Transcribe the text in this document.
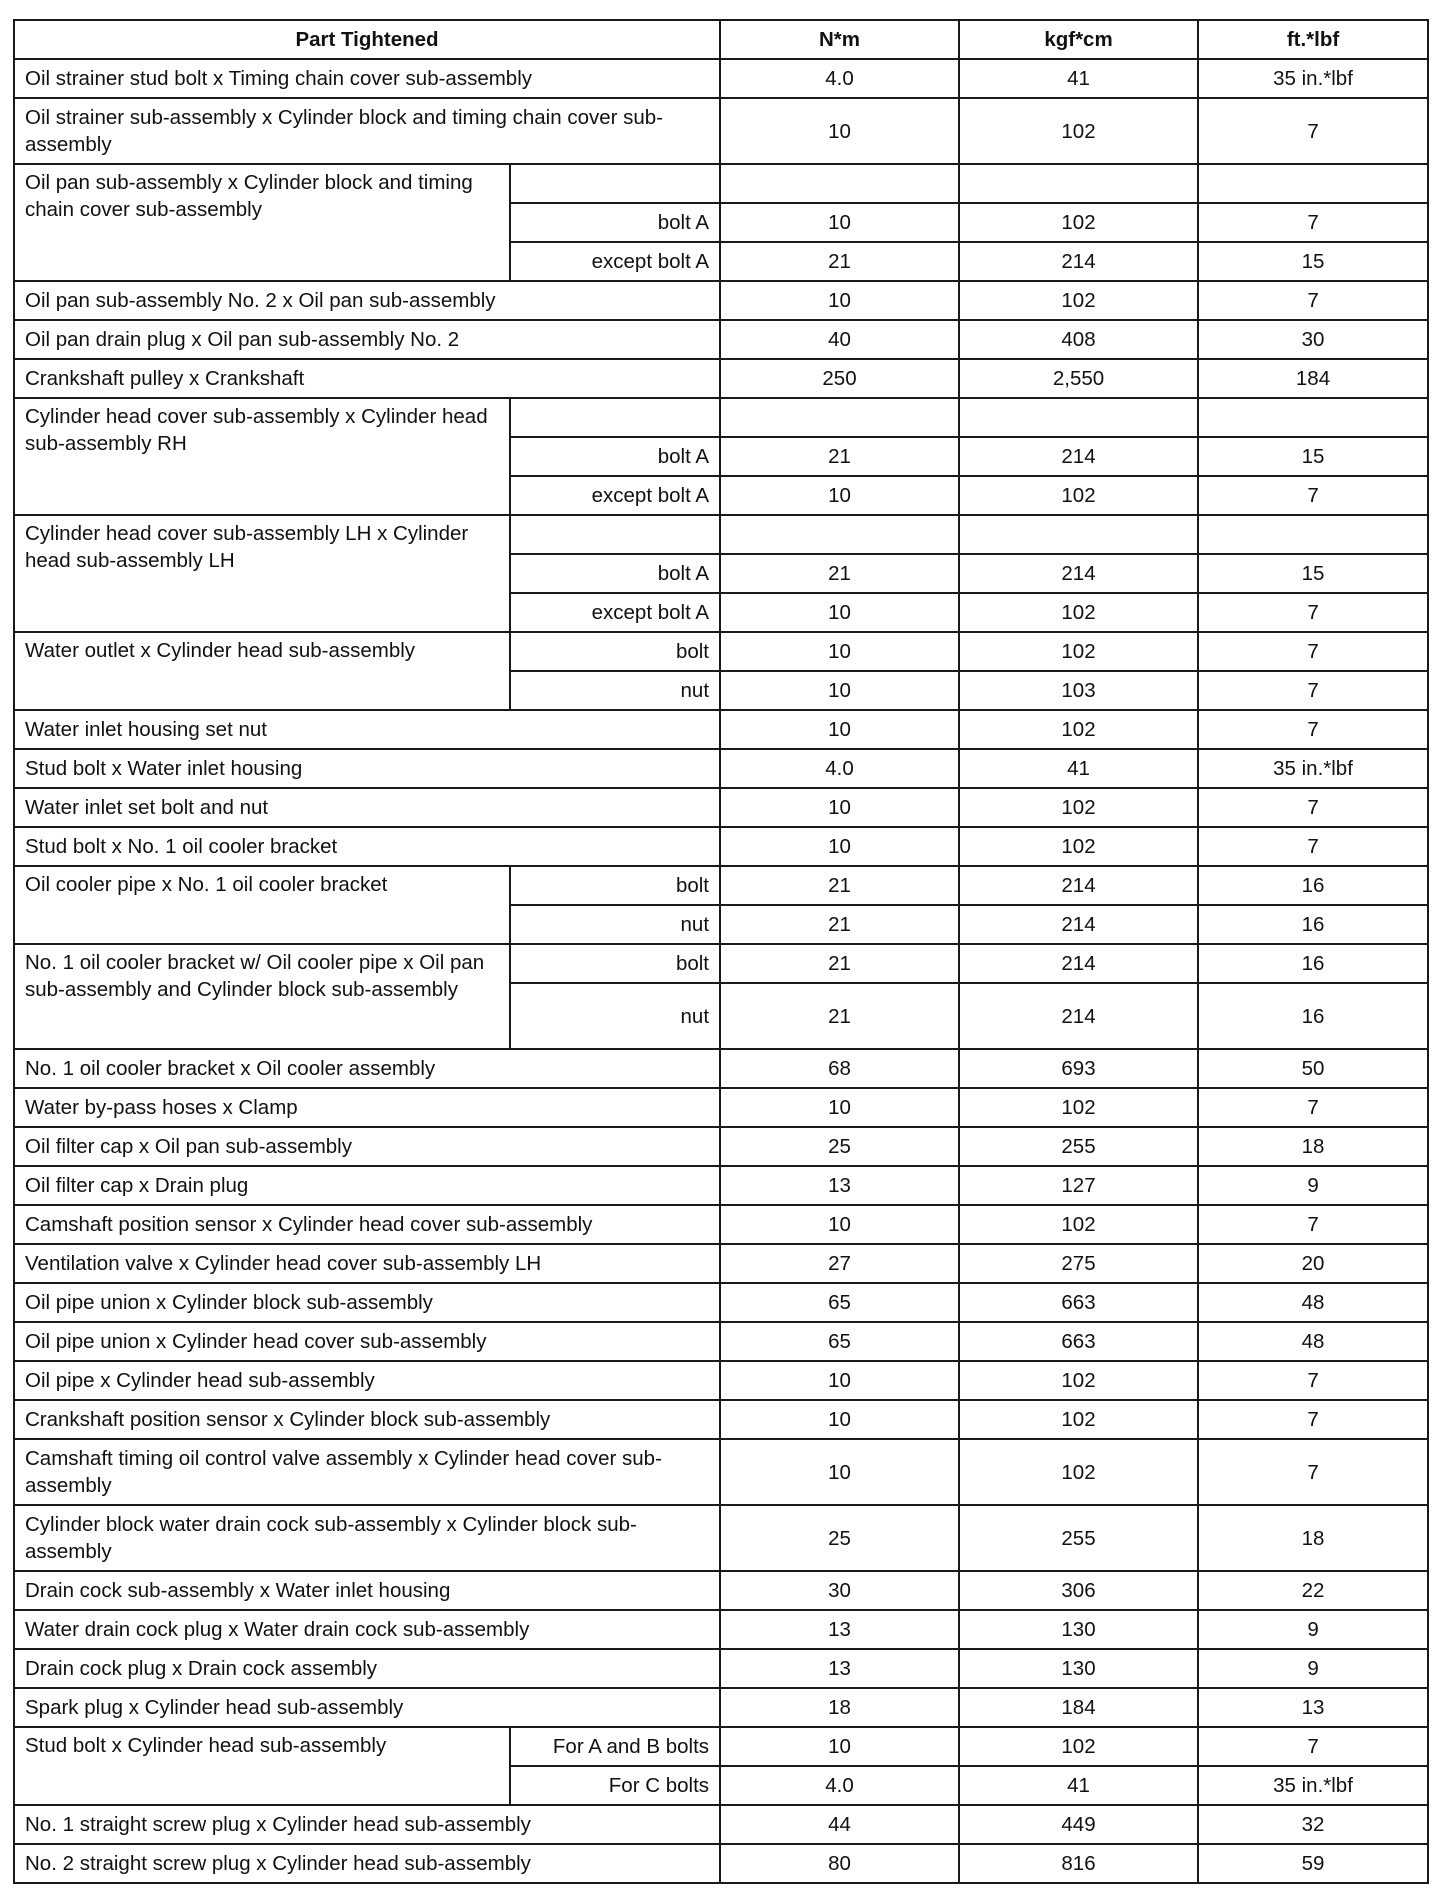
Part Tightened		N*m	kgf*cm	ft.*lbf
Oil strainer stud bolt x Timing chain cover sub-assembly		4.0	41	35 in.*lbf
Oil strainer sub-assembly x Cylinder block and timing chain cover sub-assembly		10	102	7
Oil pan sub-assembly x Cylinder block and timing chain cover sub-assembly				
	bolt A	10	102	7
	except bolt A	21	214	15
Oil pan sub-assembly No. 2 x Oil pan sub-assembly		10	102	7
Oil pan drain plug x Oil pan sub-assembly No. 2		40	408	30
Crankshaft pulley x Crankshaft		250	2,550	184
Cylinder head cover sub-assembly x Cylinder head sub-assembly RH				
	bolt A	21	214	15
	except bolt A	10	102	7
Cylinder head cover sub-assembly LH x Cylinder head sub-assembly LH				
	bolt A	21	214	15
	except bolt A	10	102	7
Water outlet x Cylinder head sub-assembly	bolt	10	102	7
	nut	10	103	7
Water inlet housing set nut		10	102	7
Stud bolt x Water inlet housing		4.0	41	35 in.*lbf
Water inlet set bolt and nut		10	102	7
Stud bolt x No. 1 oil cooler bracket		10	102	7
Oil cooler pipe x No. 1 oil cooler bracket	bolt	21	214	16
	nut	21	214	16
No. 1 oil cooler bracket w/ Oil cooler pipe x Oil pan sub-assembly and Cylinder block sub-assembly	bolt	21	214	16
	nut	21	214	16
No. 1 oil cooler bracket x Oil cooler assembly		68	693	50
Water by-pass hoses x Clamp		10	102	7
Oil filter cap x Oil pan sub-assembly		25	255	18
Oil filter cap x Drain plug		13	127	9
Camshaft position sensor x Cylinder head cover sub-assembly		10	102	7
Ventilation valve x Cylinder head cover sub-assembly LH		27	275	20
Oil pipe union x Cylinder block sub-assembly		65	663	48
Oil pipe union x Cylinder head cover sub-assembly		65	663	48
Oil pipe x Cylinder head sub-assembly		10	102	7
Crankshaft position sensor x Cylinder block sub-assembly		10	102	7
Camshaft timing oil control valve assembly x Cylinder head cover sub-assembly		10	102	7
Cylinder block water drain cock sub-assembly x Cylinder block sub-assembly		25	255	18
Drain cock sub-assembly x Water inlet housing		30	306	22
Water drain cock plug x Water drain cock sub-assembly		13	130	9
Drain cock plug x Drain cock assembly		13	130	9
Spark plug x Cylinder head sub-assembly		18	184	13
Stud bolt x Cylinder head sub-assembly	For A and B bolts	10	102	7
	For C bolts	4.0	41	35 in.*lbf
No. 1 straight screw plug x Cylinder head sub-assembly		44	449	32
No. 2 straight screw plug x Cylinder head sub-assembly		80	816	59
